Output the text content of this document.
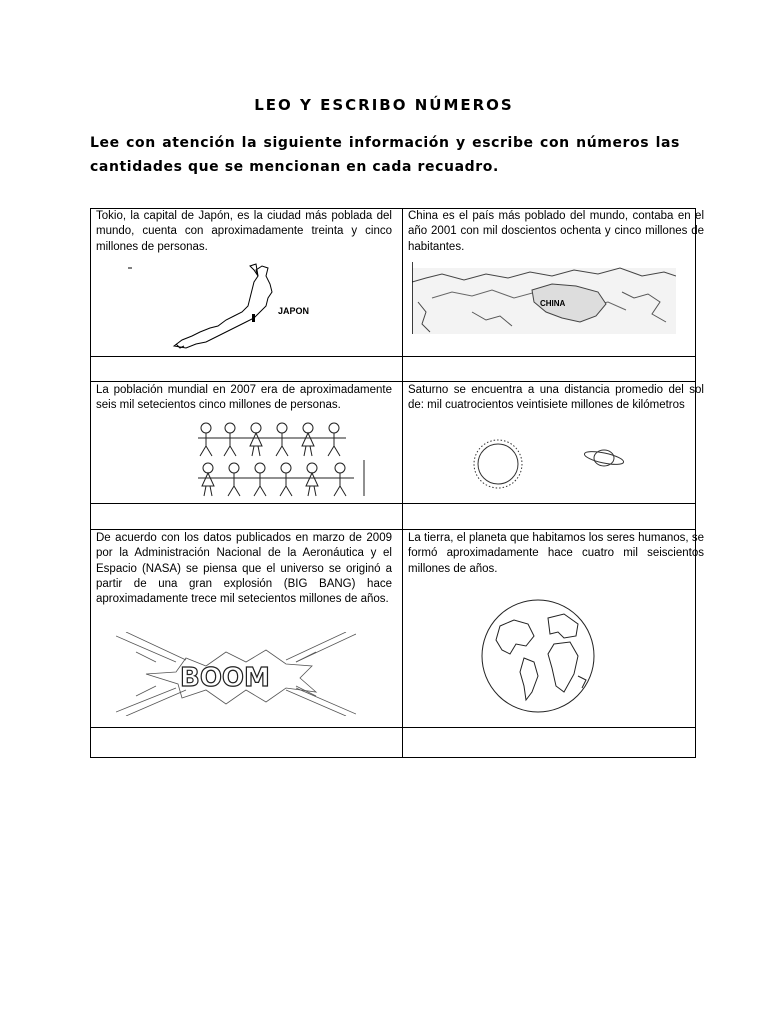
LEO Y ESCRIBO NÚMEROS
Lee con atención la siguiente información y escribe con números las cantidades que se mencionan en cada recuadro.
Tokio, la capital de Japón, es la ciudad más poblada del mundo, cuenta con aproximadamente treinta y cinco millones de personas.
China es el país más poblado del mundo, contaba en el año 2001 con mil doscientos ochenta y cinco millones de habitantes.
JAPON
CHINA
La población mundial en 2007 era de aproximadamente seis mil setecientos cinco millones de personas.
Saturno se encuentra a una distancia promedio del sol de: mil cuatrocientos veintisiete millones de kilómetros
De acuerdo con los datos publicados en marzo de 2009 por la Administración Nacional de la Aeronáutica y el Espacio (NASA) se piensa que el universo se originó a partir de una gran explosión (BIG BANG) hace aproximadamente trece mil setecientos millones de años.
La tierra, el planeta que habitamos los seres humanos, se formó aproximadamente hace cuatro mil seiscientos millones de años.
BOOM
